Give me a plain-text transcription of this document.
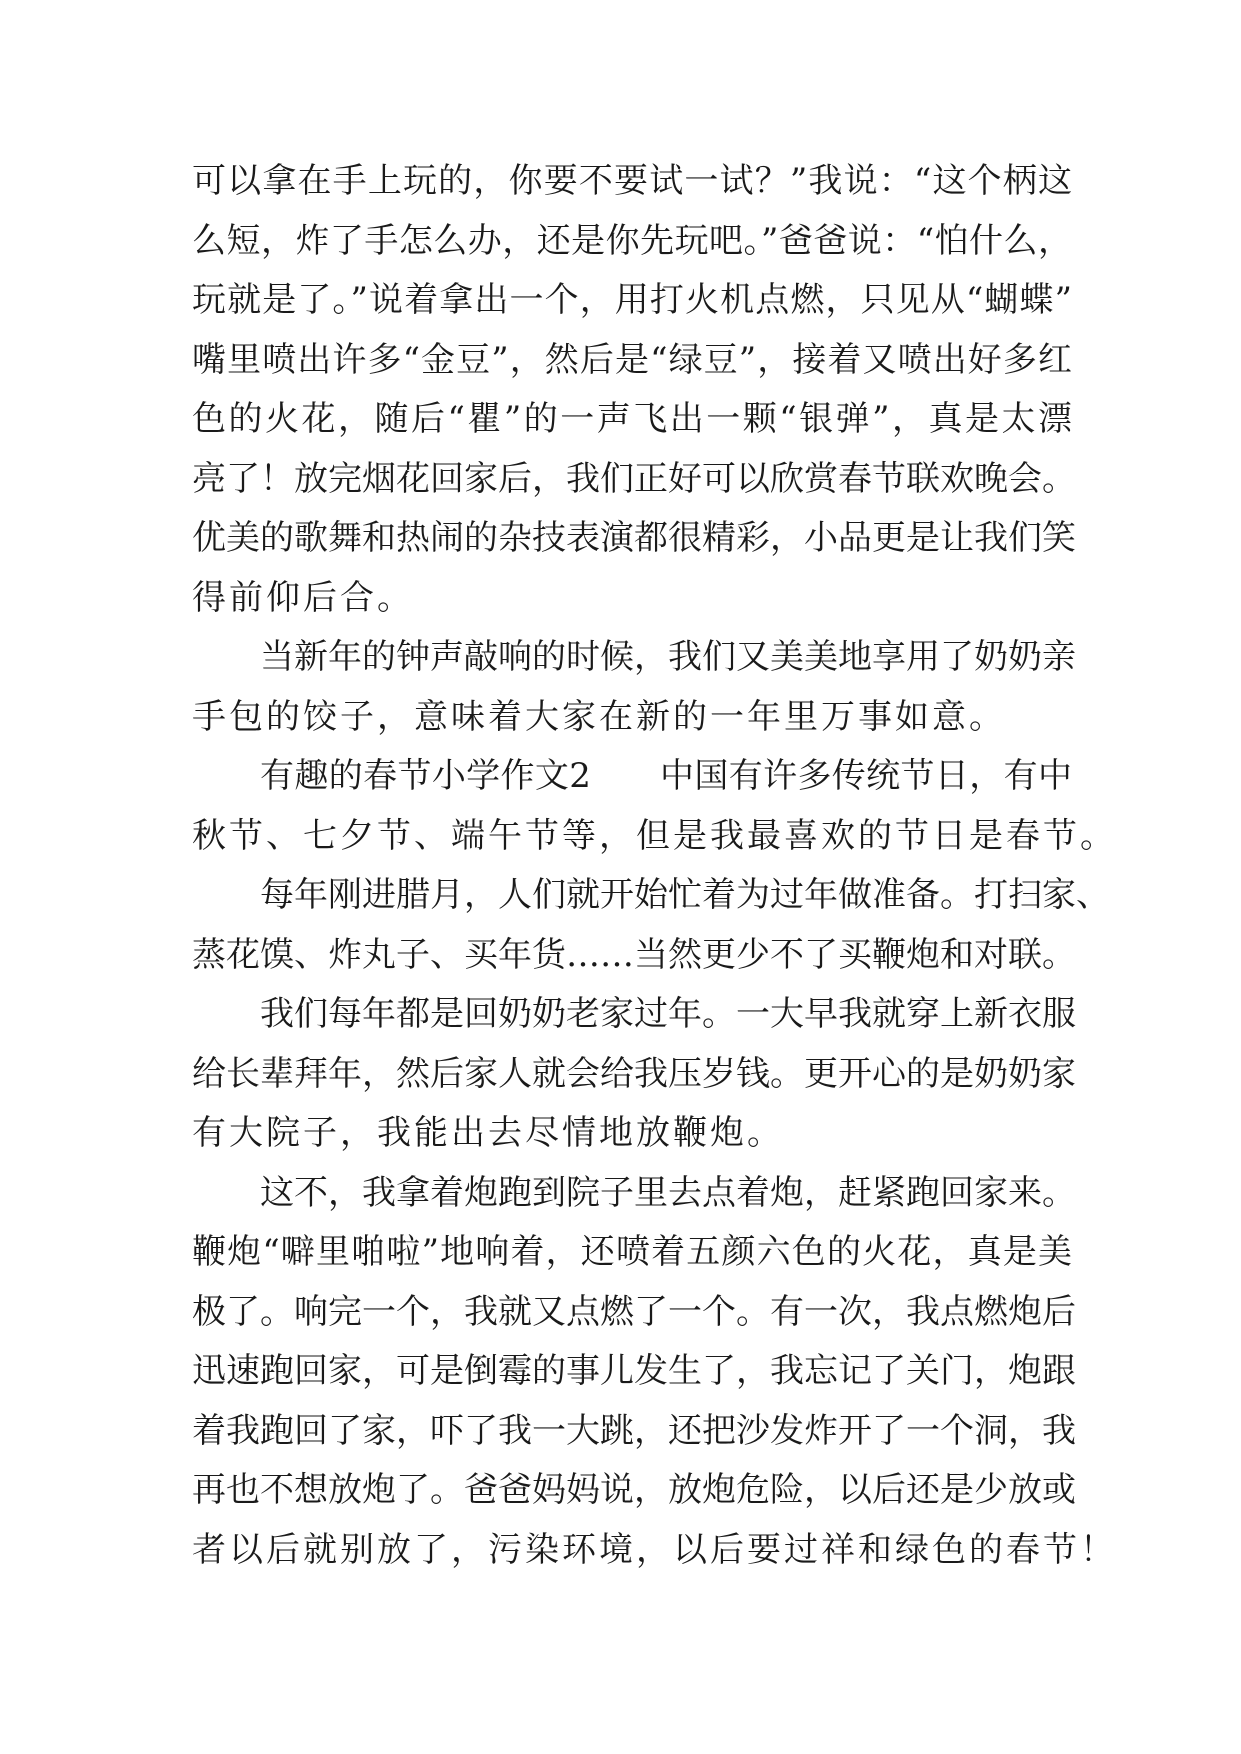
可以拿在手上玩的，你要不要试一试？”我说：“这个柄这
么短，炸了手怎么办，还是你先玩吧。”爸爸说：“怕什么，
玩就是了。”说着拿出一个，用打火机点燃，只见从“蝴蝶”
嘴里喷出许多“金豆”，然后是“绿豆”，接着又喷出好多红
色的火花，随后“瞿”的一声飞出一颗“银弹”，真是太漂
亮了！放完烟花回家后，我们正好可以欣赏春节联欢晚会。
优美的歌舞和热闹的杂技表演都很精彩，小品更是让我们笑
得前仰后合。
当新年的钟声敲响的时候，我们又美美地享用了奶奶亲
手包的饺子，意味着大家在新的一年里万事如意。
有趣的春节小学作文2　　中国有许多传统节日，有中
秋节、七夕节、端午节等，但是我最喜欢的节日是春节。
每年刚进腊月，人们就开始忙着为过年做准备。打扫家、
蒸花馍、炸丸子、买年货……当然更少不了买鞭炮和对联。
我们每年都是回奶奶老家过年。一大早我就穿上新衣服
给长辈拜年，然后家人就会给我压岁钱。更开心的是奶奶家
有大院子，我能出去尽情地放鞭炮。
这不，我拿着炮跑到院子里去点着炮，赶紧跑回家来。
鞭炮“噼里啪啦”地响着，还喷着五颜六色的火花，真是美
极了。响完一个，我就又点燃了一个。有一次，我点燃炮后
迅速跑回家，可是倒霉的事儿发生了，我忘记了关门，炮跟
着我跑回了家，吓了我一大跳，还把沙发炸开了一个洞，我
再也不想放炮了。爸爸妈妈说，放炮危险，以后还是少放或
者以后就别放了，污染环境，以后要过祥和绿色的春节！
